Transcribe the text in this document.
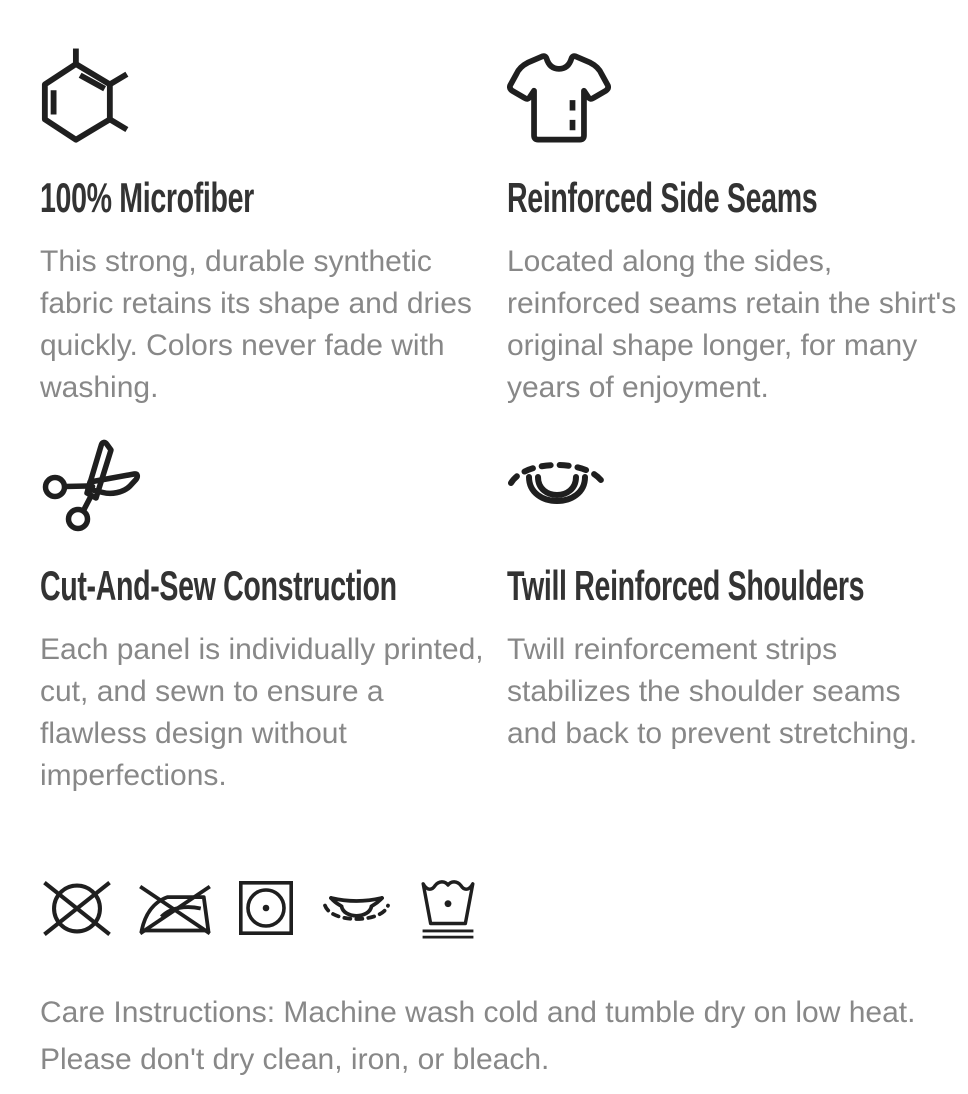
100% Microfiber

This strong, durable synthetic fabric retains its shape and dries quickly. Colors never fade with washing.

Reinforced Side Seams

Located along the sides, reinforced seams retain the shirt's original shape longer, for many years of enjoyment.

Cut-And-Sew Construction

Each panel is individually printed, cut, and sewn to ensure a flawless design without imperfections.

Twill Reinforced Shoulders

Twill reinforcement strips stabilizes the shoulder seams and back to prevent stretching.

Care Instructions: Machine wash cold and tumble dry on low heat. Please don't dry clean, iron, or bleach.
